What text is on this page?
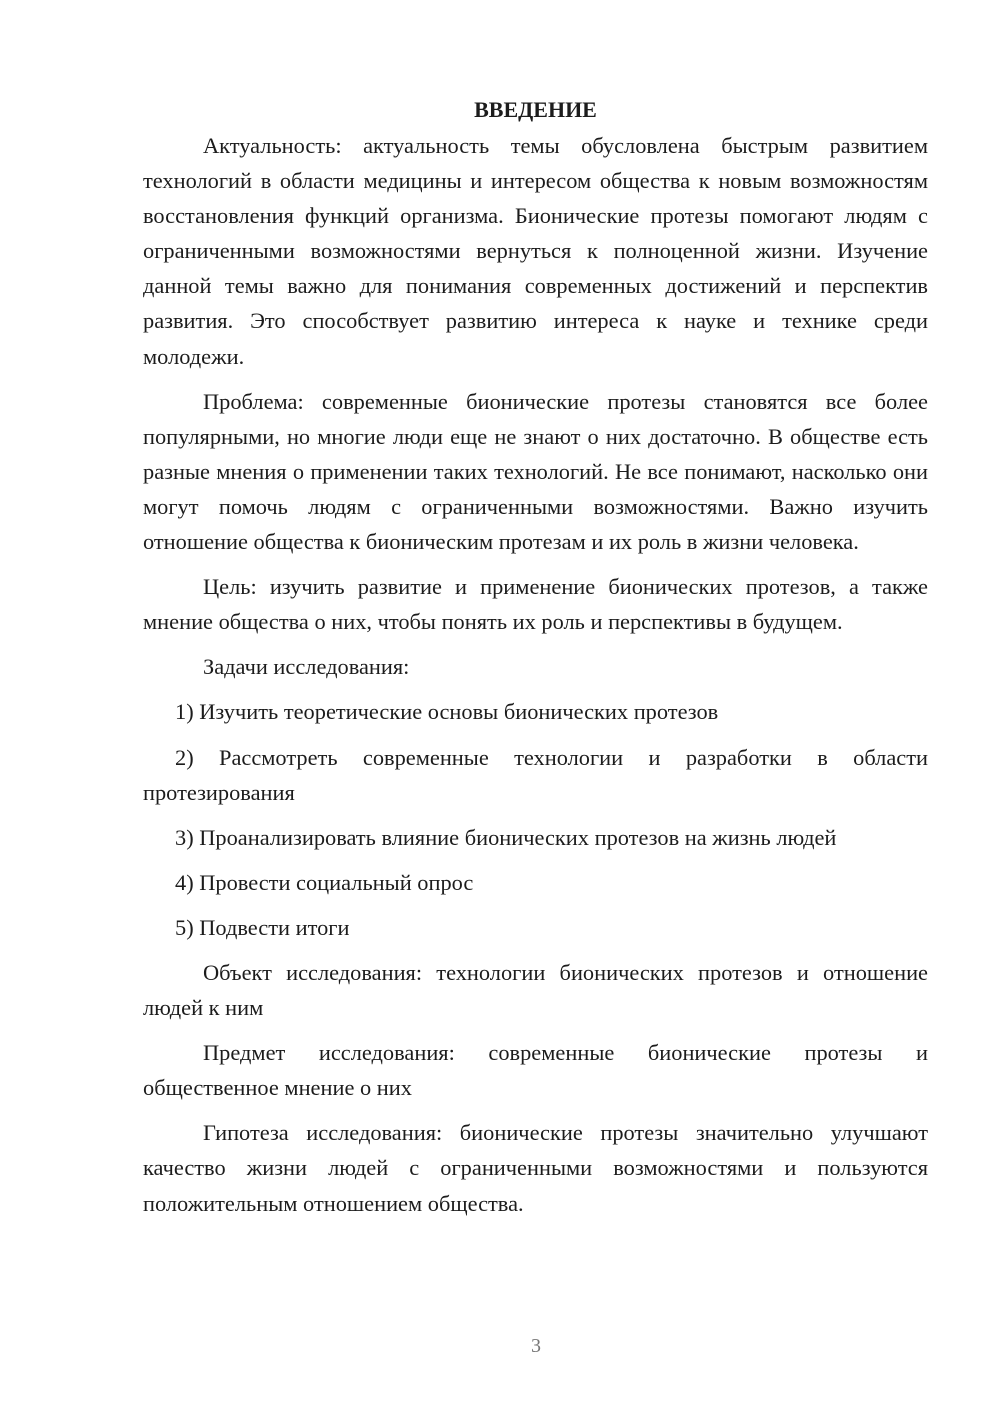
ВВЕДЕНИЕ

Актуальность: актуальность темы обусловлена быстрым развитием технологий в области медицины и интересом общества к новым возможностям восстановления функций организма. Бионические протезы помогают людям с ограниченными возможностями вернуться к полноценной жизни. Изучение данной темы важно для понимания современных достижений и перспектив развития. Это способствует развитию интереса к науке и технике среди молодежи.

Проблема: современные бионические протезы становятся все более популярными, но многие люди еще не знают о них достаточно. В обществе есть разные мнения о применении таких технологий. Не все понимают, насколько они могут помочь людям с ограниченными возможностями. Важно изучить отношение общества к бионическим протезам и их роль в жизни человека.

Цель: изучить развитие и применение бионических протезов, а также мнение общества о них, чтобы понять их роль и перспективы в будущем.

Задачи исследования:

1) Изучить теоретические основы бионических протезов

2) Рассмотреть современные технологии и разработки в области протезирования

3) Проанализировать влияние бионических протезов на жизнь людей

4) Провести социальный опрос

5) Подвести итоги

Объект исследования: технологии бионических протезов и отношение людей к ним

Предмет исследования: современные бионические протезы и общественное мнение о них

Гипотеза исследования: бионические протезы значительно улучшают качество жизни людей с ограниченными возможностями и пользуются положительным отношением общества.

3
